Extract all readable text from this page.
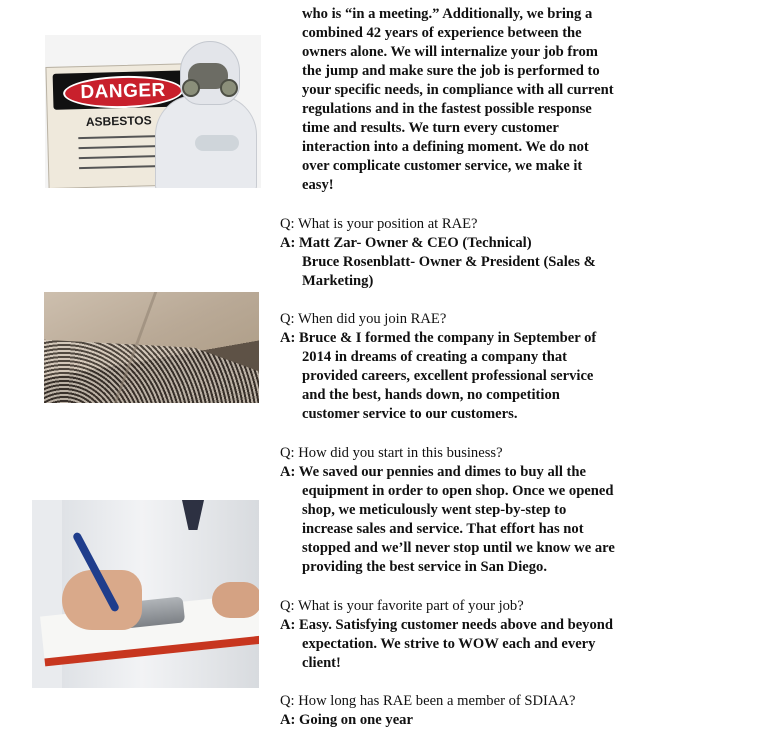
DANGER
ASBESTOS
who is “in a meeting.” Additionally, we bring a
combined 42 years of experience between the
owners alone. We will internalize your job from
the jump and make sure the job is performed to
your specific needs, in compliance with all current
regulations and in the fastest possible response
time and results. We turn every customer
interaction into a defining moment. We do not
over complicate customer service, we make it
easy!
Q: What is your position at RAE?
A: Matt Zar- Owner & CEO (Technical)
Bruce Rosenblatt- Owner & President (Sales &
Marketing)
Q: When did you join RAE?
A: Bruce & I formed the company in September of
2014 in dreams of creating a company that
provided careers, excellent professional service
and the best, hands down, no competition
customer service to our customers.
Q: How did you start in this business?
A: We saved our pennies and dimes to buy all the
equipment in order to open shop. Once we opened
shop, we meticulously went step-by-step to
increase sales and service. That effort has not
stopped and we’ll never stop until we know we are
providing the best service in San Diego.
Q: What is your favorite part of your job?
A: Easy. Satisfying customer needs above and beyond
expectation. We strive to WOW each and every
client!
Q: How long has RAE been a member of SDIAA?
A: Going on one year
